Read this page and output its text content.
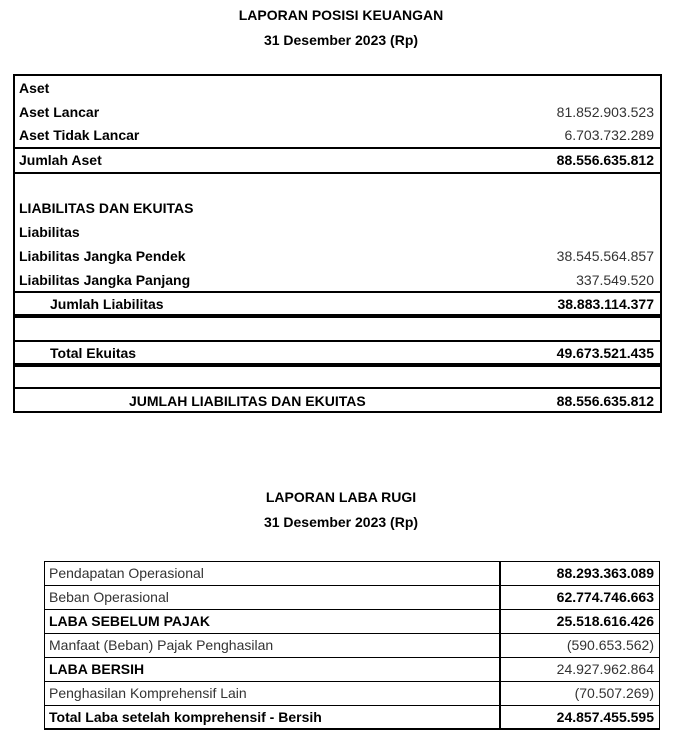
LAPORAN POSISI KEUANGAN
31 Desember 2023 (Rp)
Aset
Aset Lancar	81.852.903.523
Aset Tidak Lancar	6.703.732.289
Jumlah Aset	88.556.635.812
LIABILITAS DAN EKUITAS
Liabilitas
Liabilitas Jangka Pendek	38.545.564.857
Liabilitas Jangka Panjang	337.549.520
Jumlah Liabilitas	38.883.114.377
Total Ekuitas	49.673.521.435
JUMLAH LIABILITAS DAN EKUITAS	88.556.635.812
LAPORAN LABA RUGI
31 Desember 2023 (Rp)
Pendapatan Operasional	88.293.363.089
Beban Operasional	62.774.746.663
LABA SEBELUM PAJAK	25.518.616.426
Manfaat (Beban) Pajak Penghasilan	(590.653.562)
LABA BERSIH	24.927.962.864
Penghasilan Komprehensif Lain	(70.507.269)
Total Laba setelah komprehensif - Bersih	24.857.455.595
